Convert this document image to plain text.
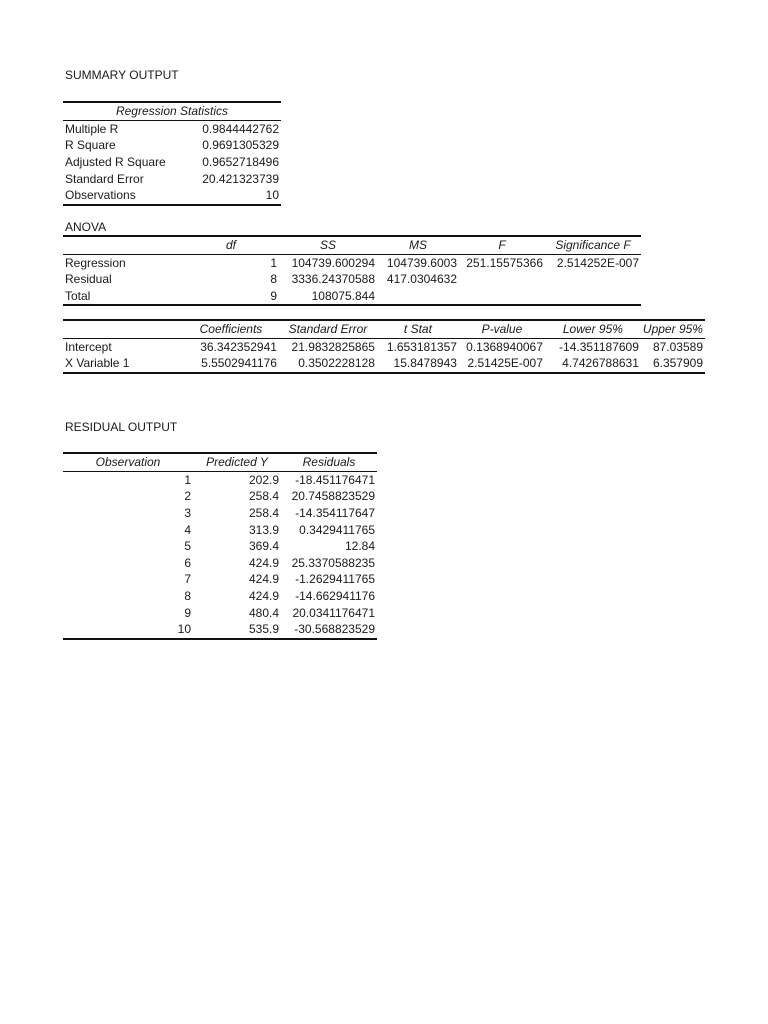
SUMMARY OUTPUT
Regression Statistics	
Multiple R	0.9844442762
R Square	0.9691305329
Adjusted R Square	0.9652718496
Standard Error	20.421323739
Observations	10
ANOVA
	df	SS	MS	F	Significance F
Regression	1	104739.600294	104739.6003	251.15575366	2.514252E-007
Residual	8	3336.24370588	417.0304632		
Total	9	108075.844			
	Coefficients	Standard Error	t Stat	P-value	Lower 95%	Upper 95%
Intercept	36.342352941	21.9832825865	1.653181357	0.1368940067	-14.351187609	87.03589
X Variable 1	5.5502941176	0.3502228128	15.8478943	2.51425E-007	4.7426788631	6.357909
RESIDUAL OUTPUT
Observation	Predicted Y	Residuals
1	202.9	-18.451176471
2	258.4	20.7458823529
3	258.4	-14.354117647
4	313.9	0.3429411765
5	369.4	12.84
6	424.9	25.3370588235
7	424.9	-1.2629411765
8	424.9	-14.662941176
9	480.4	20.0341176471
10	535.9	-30.568823529
